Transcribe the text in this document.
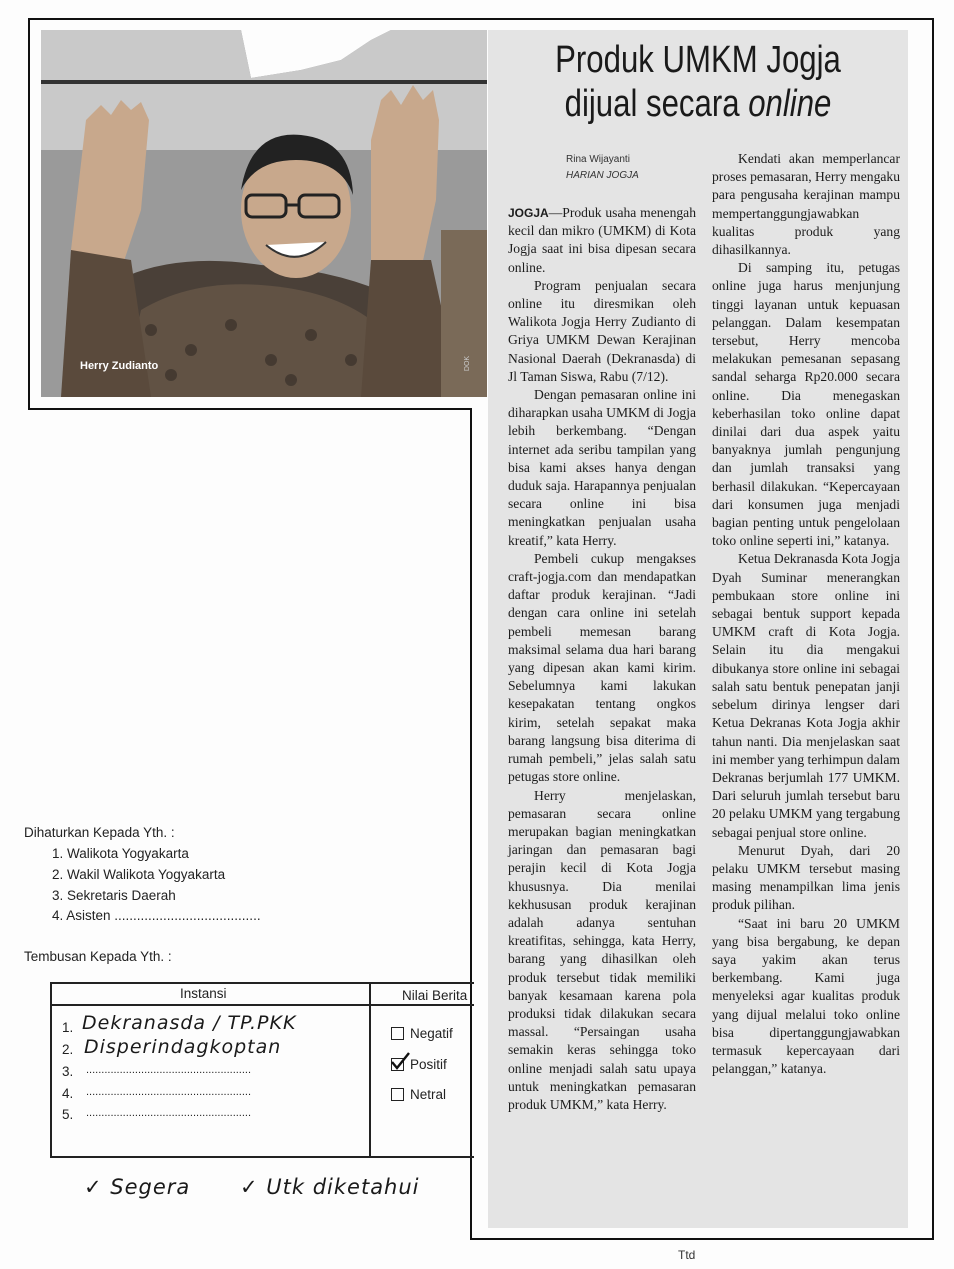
Herry Zudianto	DOK
Produk UMKM Jogja
dijual secara online
Rina Wijayanti
HARIAN JOGJA

JOGJA—Produk usaha menengah kecil dan mikro (UMKM) di Kota Jogja saat ini bisa dipesan secara online.

Program penjualan secara online itu diresmikan oleh Walikota Jogja Herry Zudianto di Griya UMKM Dewan Kerajinan Nasional Daerah (Dekranasda) di Jl Taman Siswa, Rabu (7/12).

Dengan pemasaran online ini diharapkan usaha UMKM di Jogja lebih berkembang. “Dengan internet ada seribu tampilan yang bisa kami akses hanya dengan duduk saja. Harapannya penjualan secara online ini bisa meningkatkan penjualan usaha kreatif,” kata Herry.

Pembeli cukup mengakses craft-jogja.com dan mendapatkan daftar produk kerajinan. “Jadi dengan cara online ini setelah pembeli memesan barang maksimal selama dua hari barang yang dipesan akan kami kirim. Sebelumnya kami lakukan kesepakatan tentang ongkos kirim, setelah sepakat maka barang langsung bisa diterima di rumah pembeli,” jelas salah satu petugas store online.

Herry menjelaskan, pemasaran secara online merupakan bagian meningkatkan jaringan dan pemasaran bagi perajin kecil di Kota Jogja khususnya. Dia menilai kekhususan produk kerajinan adalah adanya sentuhan kreatifitas, sehingga, kata Herry, barang yang dihasilkan oleh produk tersebut tidak memiliki banyak kesamaan karena pola produksi tidak dilakukan secara massal. “Persaingan usaha semakin keras sehingga toko online menjadi salah satu upaya untuk meningkatkan pemasaran produk UMKM,” kata Herry.

Kendati akan memperlancar proses pemasaran, Herry mengaku para pengusaha kerajinan mampu mempertanggungjawabkan kualitas produk yang dihasilkannya.

Di samping itu, petugas online juga harus menjunjung tinggi layanan untuk kepuasan pelanggan. Dalam kesempatan tersebut, Herry mencoba melakukan pemesanan sepasang sandal seharga Rp20.000 secara online. Dia menegaskan keberhasilan toko online dapat dinilai dari dua aspek yaitu banyaknya jumlah pengunjung dan jumlah transaksi yang berhasil dilakukan. “Kepercayaan dari konsumen juga menjadi bagian penting untuk pengelolaan toko online seperti ini,” katanya.

Ketua Dekranasda Kota Jogja Dyah Suminar menerangkan pembukaan store online ini sebagai bentuk support kepada UMKM craft di Kota Jogja. Selain itu dia mengakui dibukanya store online ini sebagai salah satu bentuk penepatan janji sebelum dirinya lengser dari Ketua Dekranas Kota Jogja akhir tahun nanti. Dia menjelaskan saat ini member yang terhimpun dalam Dekranas berjumlah 177 UMKM. Dari seluruh jumlah tersebut baru 20 pelaku UMKM yang tergabung sebagai penjual store online.

Menurut Dyah, dari 20 pelaku UMKM tersebut masing masing menampilkan lima jenis produk pilihan.

“Saat ini baru 20 UMKM yang bisa bergabung, ke depan saya yakim akan terus berkembang. Kami juga menyeleksi agar kualitas produk yang dijual melalui toko online bisa dipertanggungjawabkan termasuk kepercayaan dari pelanggan,” katanya.

Dihaturkan Kepada Yth. :
1. Walikota Yogyakarta
2. Wakil Walikota Yogyakarta
3. Sekretaris Daerah
4. Asisten .......................................
Tembusan Kepada Yth. :
Instansi	Nilai Berita
1. Dekranasda / TP.PKK
2. Disperindagkoptan
3. ......................................................
4. ......................................................
5. ......................................................
Negatif
Positif
Netral
✓ Segera ✓ Utk diketahui
Ttd
